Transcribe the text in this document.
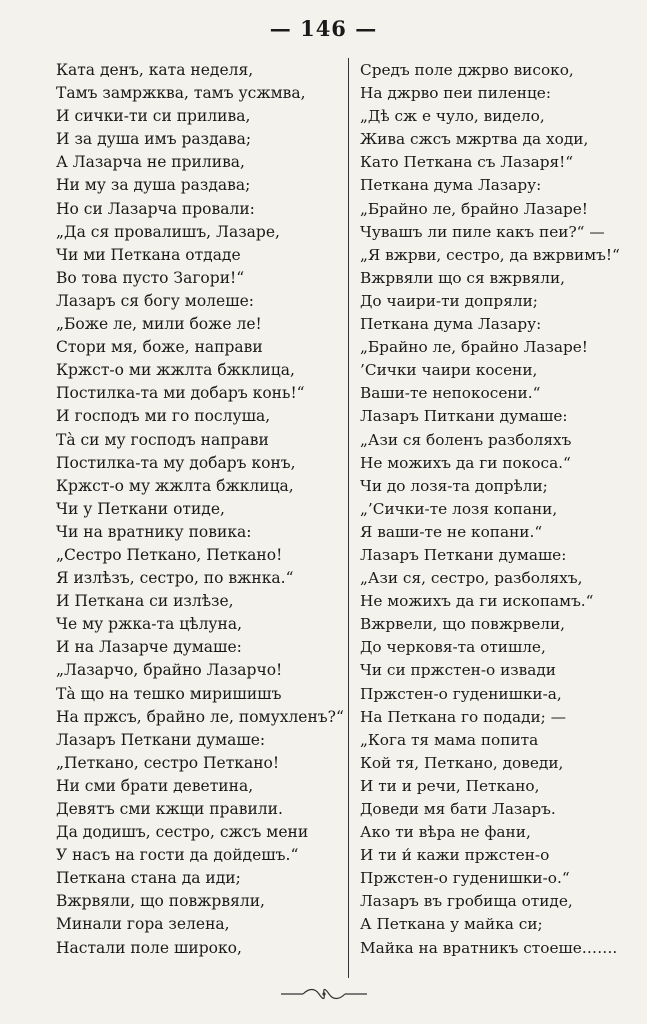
— 146 —
Ката денъ, ката неделя,
Тамъ замржква, тамъ усжмва,
И сички-ти си прилива,
И за душа имъ раздава;
А Лазарча не прилива,
Ни му за душа раздава;
Но си Лазарча провали:
„Да ся провалишъ, Лазаре,
Чи ми Петкана отдаде
Во това пусто Загори!“
Лазаръ ся богу молеше:
„Боже ле, мили боже ле!
Стори мя, боже, направи
Кржст-о ми жжлта бжклица,
Постилка-та ми добаръ конь!“
И господъ ми го послуша,
Тà си му господъ направи
Постилка-та му добаръ конъ,
Кржст-о му жжлта бжклица,
Чи у Петкани отиде,
Чи на вратнику повика:
„Сестро Петкано, Петкано!
Я излѣзъ, сестро, по вжнка.“
И Петкана си излѣзе,
Че му ржка-та цѣлуна,
И на Лазарче думаше:
„Лазарчо, брайно Лазарчо!
Тà що на тешко миришишъ
На пржсъ, брайно ле, помухленъ?“
Лазаръ Петкани думаше:
„Петкано, сестро Петкано!
Ни сми брати деветина,
Девятъ сми кжщи правили.
Да додишъ, сестро, сжсъ мени
У насъ на гости да дойдешъ.“
Петкана стана да иди;
Вжрвяли, що повжрвяли,
Минали гора зелена,
Настали поле широко,
Средъ поле джрво високо,
На джрво пеи пиленце:
„Дѣ сж е чуло, видело,
Жива сжсъ мжртва да ходи,
Като Петкана съ Лазаря!“
Петкана дума Лазару:
„Брайно ле, брайно Лазаре!
Чувашъ ли пиле какъ пеи?“ —
„Я вжрви, сестро, да вжрвимъ!“
Вжрвяли що ся вжрвяли,
До чаири-ти допряли;
Петкана дума Лазару:
„Брайно ле, брайно Лазаре!
’Сички чаири косени,
Ваши-те непокосени.“
Лазаръ Питкани думаше:
„Ази ся боленъ разболяхъ
Не можихъ да ги покоса.“
Чи до лозя-та допрѣли;
„’Сички-те лозя копани,
Я ваши-те не копани.“
Лазаръ Петкани думаше:
„Ази ся, сестро, разболяхъ,
Не можихъ да ги ископамъ.“
Вжрвели, що повжрвели,
До черковя-та отишле,
Чи си пржстен-о извади
Пржстен-о гуденишки-а,
На Петкана го подади; —
„Кога тя мама попита
Кой тя, Петкано, доведи,
И ти и речи, Петкано,
Доведи мя бати Лазаръ.
Ако ти вѣра не фани,
И ти и́ кажи пржстен-о
Пржстен-о гуденишки-о.“
Лазаръ въ гробища отиде,
А Петкана у майка си;
Майка на вратникъ стоеше…….
